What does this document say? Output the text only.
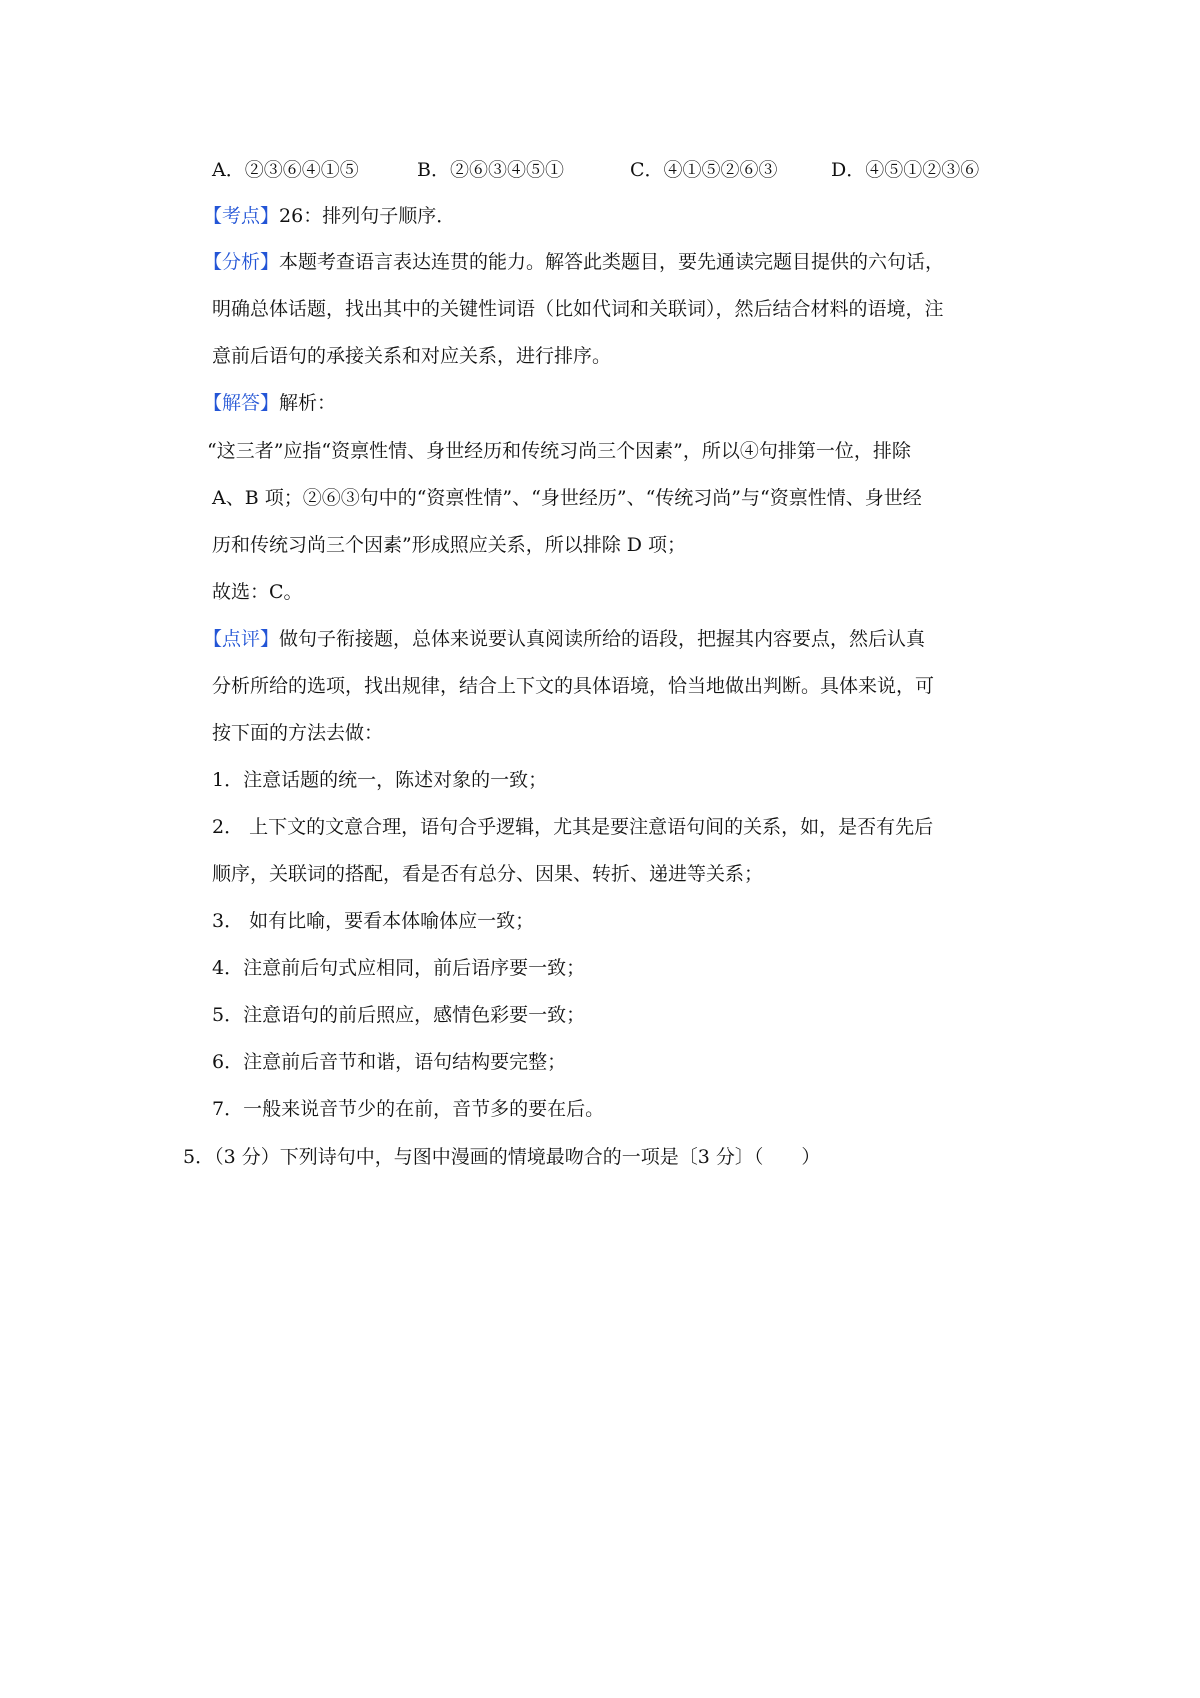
A．②③⑥④①⑤	B．②⑥③④⑤①	C．④①⑤②⑥③	D．④⑤①②③⑥
【考点】26：排列句子顺序．
【分析】本题考查语言表达连贯的能力。解答此类题目，要先通读完题目提供的六句话，
明确总体话题，找出其中的关键性词语（比如代词和关联词），然后结合材料的语境，注
意前后语句的承接关系和对应关系，进行排序。
【解答】解析：
“这三者”应指“资禀性情、身世经历和传统习尚三个因素”，所以④句排第一位，排除
A、B 项；②⑥③句中的“资禀性情”、“身世经历”、“传统习尚”与“资禀性情、身世经
历和传统习尚三个因素”形成照应关系，所以排除 D 项；
故选：C。
【点评】做句子衔接题，总体来说要认真阅读所给的语段，把握其内容要点，然后认真
分析所给的选项，找出规律，结合上下文的具体语境，恰当地做出判断。具体来说，可
按下面的方法去做：
1．注意话题的统一，陈述对象的一致；
2． 上下文的文意合理，语句合乎逻辑，尤其是要注意语句间的关系，如，是否有先后
顺序，关联词的搭配，看是否有总分、因果、转折、递进等关系；
3． 如有比喻，要看本体喻体应一致；
4．注意前后句式应相同，前后语序要一致；
5．注意语句的前后照应，感情色彩要一致；
6．注意前后音节和谐，语句结构要完整；
7．一般来说音节少的在前，音节多的要在后。
5．（3 分）下列诗句中，与图中漫画的情境最吻合的一项是〔3 分〕（　　）
